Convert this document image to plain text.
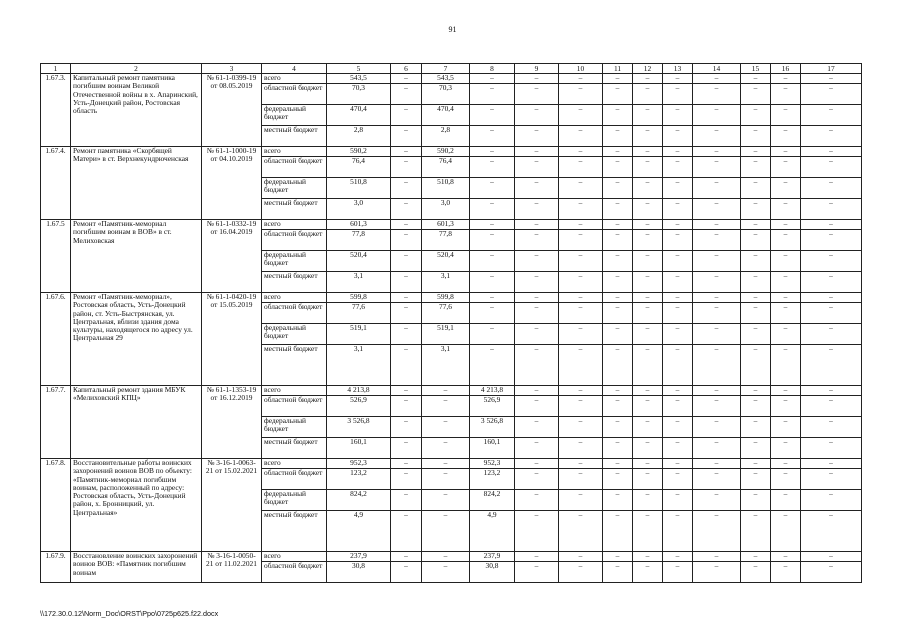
91
1	2	3	4	5	6	7	8	9	10	11	12	13	14	15	16	17
1.67.3.	Капитальный ремонт памятника погибшим воинам Великой Отечественной войны в х. Апаринский, Усть-Донецкий район, Ростовская область	№ 61-1-0399-19 от 08.05.2019	всего	543,5	–	543,5	–	–	–	–	–	–	–	–	–	–
			областной бюджет	70,3	–	70,3	–	–	–	–	–	–	–	–	–	–
			федеральный бюджет	470,4	–	470,4	–	–	–	–	–	–	–	–	–	–
			местный бюджет	2,8	–	2,8	–	–	–	–	–	–	–	–	–	–
1.67.4.	Ремонт памятника «Скорбящей Матери» в ст. Верхнекундрюченская	№ 61-1-1000-19 от 04.10.2019	всего	590,2	–	590,2	–	–	–	–	–	–	–	–	–	–
			областной бюджет	76,4	–	76,4	–	–	–	–	–	–	–	–	–	–
			федеральный бюджет	510,8	–	510,8	–	–	–	–	–	–	–	–	–	–
			местный бюджет	3,0	–	3,0	–	–	–	–	–	–	–	–	–	–
1.67.5	Ремонт «Памятник-мемориал погибшим воинам в ВОВ» в ст. Мелиховская	№ 61-1-0332-19 от 16.04.2019	всего	601,3	–	601,3	–	–	–	–	–	–	–	–	–	–
			областной бюджет	77,8	–	77,8	–	–	–	–	–	–	–	–	–	–
			федеральный бюджет	520,4	–	520,4	–	–	–	–	–	–	–	–	–	–
			местный бюджет	3,1	–	3,1	–	–	–	–	–	–	–	–	–	–
1.67.6.	Ремонт «Памятник-мемориал», Ростовская область, Усть-Донецкий район, ст. Усть-Быстрянская, ул. Центральная, вблизи здания дома культуры, находящегося по адресу ул. Центральная 29	№ 61-1-0420-19 от 15.05.2019	всего	599,8	–	599,8	–	–	–	–	–	–	–	–	–	–
			областной бюджет	77,6	–	77,6	–	–	–	–	–	–	–	–	–	–
			федеральный бюджет	519,1	–	519,1	–	–	–	–	–	–	–	–	–	–
			местный бюджет	3,1	–	3,1	–	–	–	–	–	–	–	–	–	–
1.67.7.	Капитальный ремонт здания МБУК «Мелиховский КПЦ»	№ 61-1-1353-19 от 16.12.2019	всего	4 213,8	–	–	4 213,8	–	–	–	–	–	–	–	–	–
			областной бюджет	526,9	–	–	526,9	–	–	–	–	–	–	–	–	–
			федеральный бюджет	3 526,8	–	–	3 526,8	–	–	–	–	–	–	–	–	–
			местный бюджет	160,1	–	–	160,1	–	–	–	–	–	–	–	–	–
1.67.8.	Восстановительные работы воинских захоронений воинов ВОВ по объекту: «Памятник-мемориал погибшим воинам, расположенный по адресу: Ростовская область, Усть-Донецкий район, х. Бронницкий, ул. Центральная»	№ 3-16-1-0063-21 от 15.02.2021	всего	952,3	–	–	952,3	–	–	–	–	–	–	–	–	–
			областной бюджет	123,2	–	–	123,2	–	–	–	–	–	–	–	–	–
			федеральный бюджет	824,2	–	–	824,2	–	–	–	–	–	–	–	–	–
			местный бюджет	4,9	–	–	4,9	–	–	–	–	–	–	–	–	–
1.67.9.	Восстановление воинских захоронений воинов ВОВ: «Памятник погибшим воинам	№ 3-16-1-0050-21 от 11.02.2021	всего	237,9	–	–	237,9	–	–	–	–	–	–	–	–	–
			областной бюджет	30,8	–	–	30,8	–	–	–	–	–	–	–	–	–
\\172.30.0.12\Norm_Doc\ORST\Ppo\0725p625.f22.docx
